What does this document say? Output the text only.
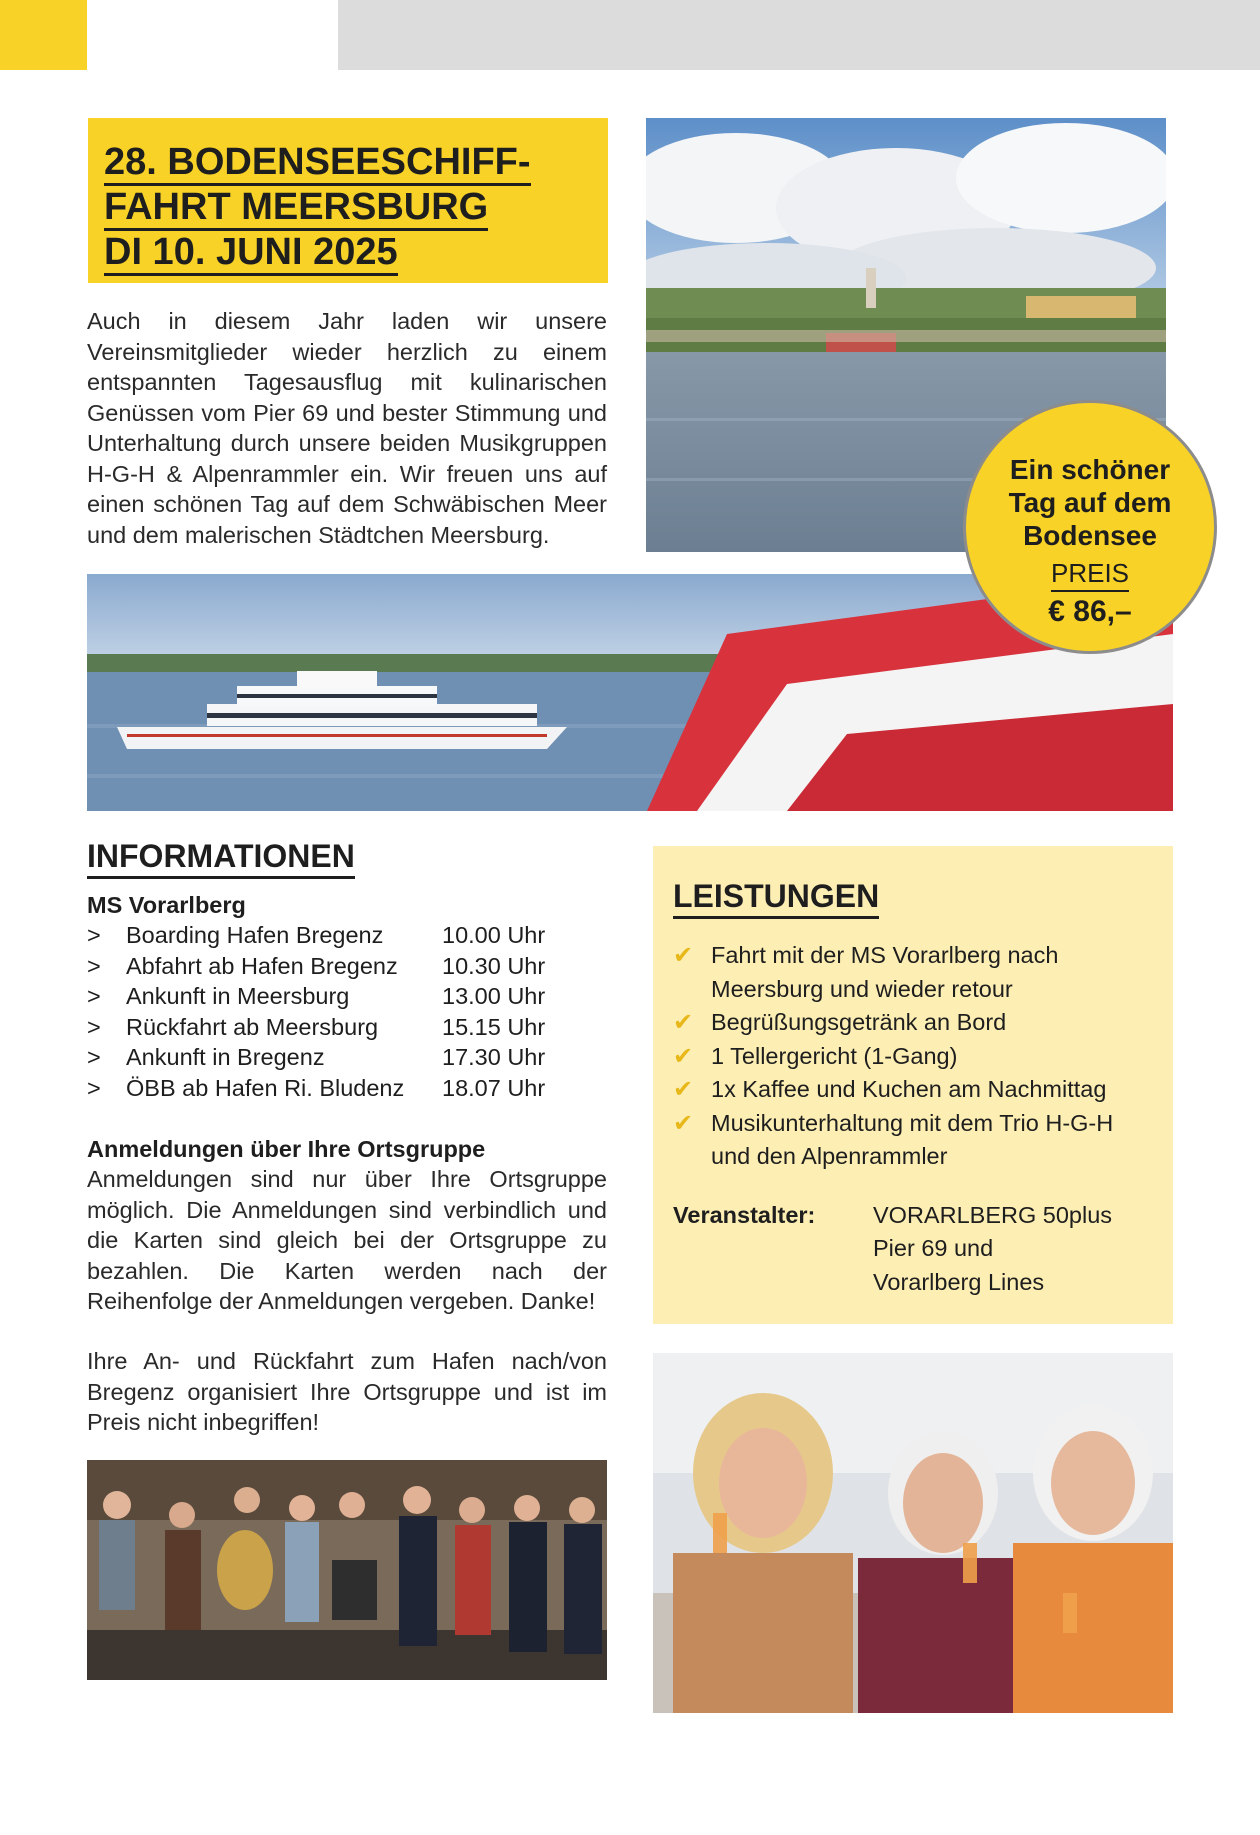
28. BODENSEESCHIFF-
FAHRT MEERSBURG
DI 10. JUNI 2025
Auch in diesem Jahr laden wir unsere Vereinsmitglieder wieder herzlich zu einem entspannten Tagesausflug mit kulinarischen Genüssen vom Pier 69 und bester Stimmung und Unterhaltung durch unsere beiden Musikgruppen H-G-H & Alpenrammler ein. Wir freuen uns auf einen schönen Tag auf dem Schwäbischen Meer und dem malerischen Städtchen Meersburg.
Ein schöner
Tag auf dem
Bodensee
PREIS
€ 86,–
INFORMATIONEN
MS Vorarlberg
>	Boarding Hafen Bregenz	10.00 Uhr
>	Abfahrt ab Hafen Bregenz	10.30 Uhr
>	Ankunft in Meersburg	13.00 Uhr
>	Rückfahrt ab Meersburg	15.15 Uhr
>	Ankunft in Bregenz	17.30 Uhr
>	ÖBB ab Hafen Ri. Bludenz	18.07 Uhr
Anmeldungen über Ihre Ortsgruppe
Anmeldungen sind nur über Ihre Ortsgruppe möglich. Die Anmeldungen sind verbindlich und die Karten sind gleich bei der Ortsgruppe zu bezahlen. Die Karten werden nach der Reihenfolge der Anmeldungen vergeben. Danke!
Ihre An- und Rückfahrt zum Hafen nach/von Bregenz organisiert Ihre Ortsgruppe und ist im Preis nicht inbegriffen!
LEISTUNGEN
✔ Fahrt mit der MS Vorarlberg nach Meersburg und wieder retour
✔ Begrüßungsgetränk an Bord
✔ 1 Tellergericht (1-Gang)
✔ 1x Kaffee und Kuchen am Nachmittag
✔ Musikunterhaltung mit dem Trio H-G-H und den Alpenrammler
Veranstalter:	VORARLBERG 50plus
Pier 69 und
Vorarlberg Lines
